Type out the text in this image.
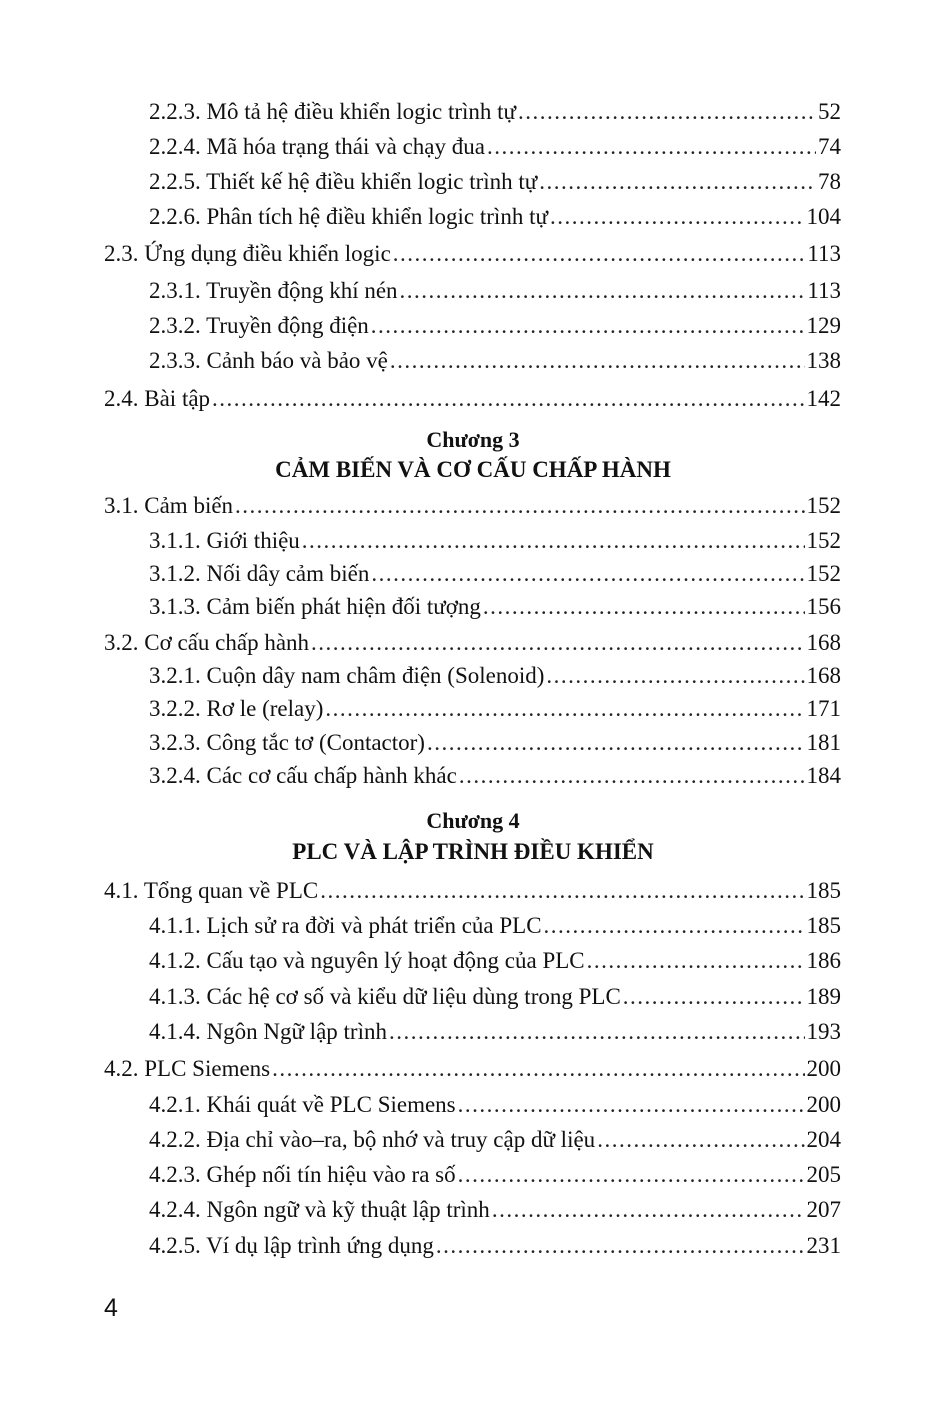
2.2.3. Mô tả hệ điều khiển logic trình tự .....	52
2.2.4. Mã hóa trạng thái và chạy đua .....	74
2.2.5. Thiết kế hệ điều khiển logic trình tự .....	78
2.2.6. Phân tích hệ điều khiển logic trình tự .....	104
2.3. Ứng dụng điều khiển logic .....	113
2.3.1. Truyền động khí nén .....	113
2.3.2. Truyền động điện .....	129
2.3.3. Cảnh báo và bảo vệ .....	138
2.4. Bài tập .....	142
Chương 3
CẢM BIẾN VÀ CƠ CẤU CHẤP HÀNH
3.1. Cảm biến .....	152
3.1.1. Giới thiệu .....	152
3.1.2. Nối dây cảm biến .....	152
3.1.3. Cảm biến phát hiện đối tượng .....	156
3.2. Cơ cấu chấp hành .....	168
3.2.1. Cuộn dây nam châm điện (Solenoid) .....	168
3.2.2. Rơ le (relay) .....	171
3.2.3. Công tắc tơ (Contactor) .....	181
3.2.4. Các cơ cấu chấp hành khác .....	184
Chương 4
PLC VÀ LẬP TRÌNH ĐIỀU KHIỂN
4.1. Tổng quan về PLC .....	185
4.1.1. Lịch sử ra đời và phát triển của PLC .....	185
4.1.2. Cấu tạo và nguyên lý hoạt động của PLC .....	186
4.1.3. Các hệ cơ số và kiểu dữ liệu dùng trong PLC .....	189
4.1.4. Ngôn Ngữ lập trình .....	193
4.2. PLC Siemens .....	200
4.2.1. Khái quát về PLC Siemens .....	200
4.2.2. Địa chỉ vào–ra, bộ nhớ và truy cập dữ liệu .....	204
4.2.3. Ghép nối tín hiệu vào ra số .....	205
4.2.4. Ngôn ngữ và kỹ thuật lập trình .....	207
4.2.5. Ví dụ lập trình ứng dụng .....	231
4
